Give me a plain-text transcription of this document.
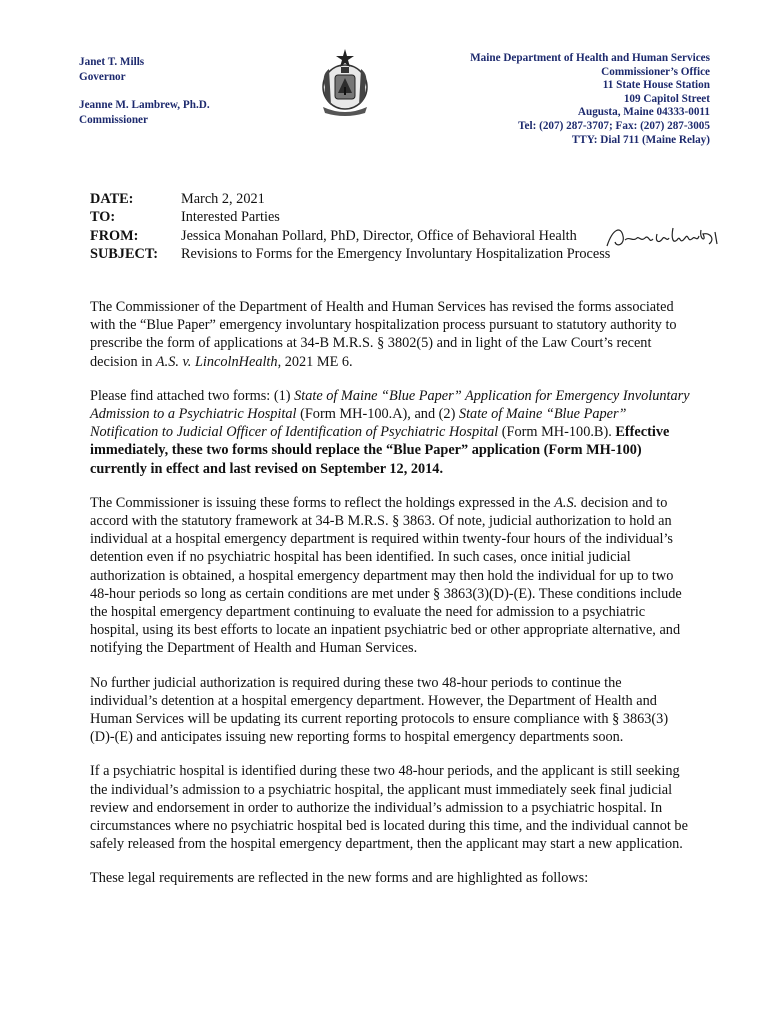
Janet T. Mills
Governor
Jeanne M. Lambrew, Ph.D.
Commissioner
Maine Department of Health and Human Services
Commissioner’s Office
11 State House Station
109 Capitol Street
Augusta, Maine 04333-0011
Tel: (207) 287-3707; Fax: (207) 287-3005
TTY: Dial 711 (Maine Relay)
DATE:	March 2, 2021
TO:	Interested Parties
FROM:	Jessica Monahan Pollard, PhD, Director, Office of Behavioral Health
SUBJECT:	Revisions to Forms for the Emergency Involuntary Hospitalization Process

The Commissioner of the Department of Health and Human Services has revised the forms associated with the “Blue Paper” emergency involuntary hospitalization process pursuant to statutory authority to prescribe the form of applications at 34-B M.R.S. § 3802(5) and in light of the Law Court’s recent decision in A.S. v. LincolnHealth, 2021 ME 6.

Please find attached two forms: (1) State of Maine “Blue Paper” Application for Emergency Involuntary Admission to a Psychiatric Hospital (Form MH-100.A), and (2) State of Maine “Blue Paper” Notification to Judicial Officer of Identification of Psychiatric Hospital (Form MH-100.B). Effective immediately, these two forms should replace the “Blue Paper” application (Form MH-100) currently in effect and last revised on September 12, 2014.

The Commissioner is issuing these forms to reflect the holdings expressed in the A.S. decision and to accord with the statutory framework at 34-B M.R.S. § 3863. Of note, judicial authorization to hold an individual at a hospital emergency department is required within twenty-four hours of the individual’s detention even if no psychiatric hospital has been identified. In such cases, once initial judicial authorization is obtained, a hospital emergency department may then hold the individual for up to two 48-hour periods so long as certain conditions are met under § 3863(3)(D)-(E). These conditions include the hospital emergency department continuing to evaluate the need for admission to a psychiatric hospital, using its best efforts to locate an inpatient psychiatric bed or other appropriate alternative, and notifying the Department of Health and Human Services.

No further judicial authorization is required during these two 48-hour periods to continue the individual’s detention at a hospital emergency department. However, the Department of Health and Human Services will be updating its current reporting protocols to ensure compliance with § 3863(3)(D)-(E) and anticipates issuing new reporting forms to hospital emergency departments soon.

If a psychiatric hospital is identified during these two 48-hour periods, and the applicant is still seeking the individual’s admission to a psychiatric hospital, the applicant must immediately seek final judicial review and endorsement in order to authorize the individual’s admission to a psychiatric hospital. In circumstances where no psychiatric hospital bed is located during this time, and the individual cannot be safely released from the hospital emergency department, then the applicant may start a new application.

These legal requirements are reflected in the new forms and are highlighted as follows:
